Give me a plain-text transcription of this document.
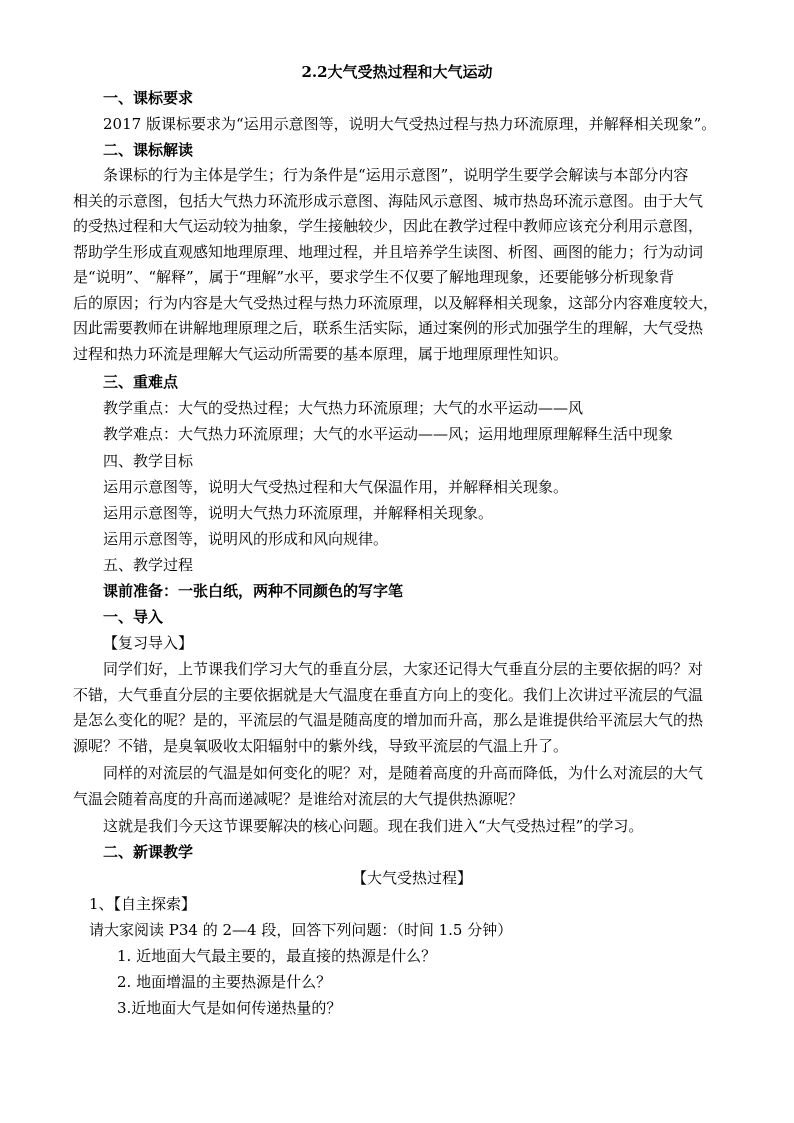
2.2大气受热过程和大气运动
一、课标要求
2017 版课标要求为“运用示意图等，说明大气受热过程与热力环流原理，并解释相关现象”。
二、课标解读
条课标的行为主体是学生；行为条件是“运用示意图”，说明学生要学会解读与本部分内容
相关的示意图，包括大气热力环流形成示意图、海陆风示意图、城市热岛环流示意图。由于大气
的受热过程和大气运动较为抽象，学生接触较少，因此在教学过程中教师应该充分利用示意图，
帮助学生形成直观感知地理原理、地理过程，并且培养学生读图、析图、画图的能力；行为动词
是“说明”、“解释”，属于“理解”水平，要求学生不仅要了解地理现象，还要能够分析现象背
后的原因；行为内容是大气受热过程与热力环流原理，以及解释相关现象，这部分内容难度较大，
因此需要教师在讲解地理原理之后，联系生活实际，通过案例的形式加强学生的理解，大气受热
过程和热力环流是理解大气运动所需要的基本原理，属于地理原理性知识。
三、重难点
教学重点：大气的受热过程；大气热力环流原理；大气的水平运动——风
教学难点：大气热力环流原理；大气的水平运动——风；运用地理原理解释生活中现象
四、教学目标
运用示意图等，说明大气受热过程和大气保温作用，并解释相关现象。
运用示意图等，说明大气热力环流原理，并解释相关现象。
运用示意图等，说明风的形成和风向规律。
五、教学过程
课前准备：一张白纸，两种不同颜色的写字笔
一、导入
【复习导入】
同学们好，上节课我们学习大气的垂直分层，大家还记得大气垂直分层的主要依据的吗？对
不错，大气垂直分层的主要依据就是大气温度在垂直方向上的变化。我们上次讲过平流层的气温
是怎么变化的呢？是的，平流层的气温是随高度的增加而升高，那么是谁提供给平流层大气的热
源呢？不错，是臭氧吸收太阳辐射中的紫外线，导致平流层的气温上升了。
同样的对流层的气温是如何变化的呢？对，是随着高度的升高而降低，为什么对流层的大气
气温会随着高度的升高而递减呢？是谁给对流层的大气提供热源呢？
这就是我们今天这节课要解决的核心问题。现在我们进入“大气受热过程”的学习。
二、新课教学
【大气受热过程】
1、【自主探索】
请大家阅读 P34 的 2—4 段，回答下列问题：（时间 1.5 分钟）
1. 近地面大气最主要的，最直接的热源是什么？
2. 地面增温的主要热源是什么？
3.近地面大气是如何传递热量的？
